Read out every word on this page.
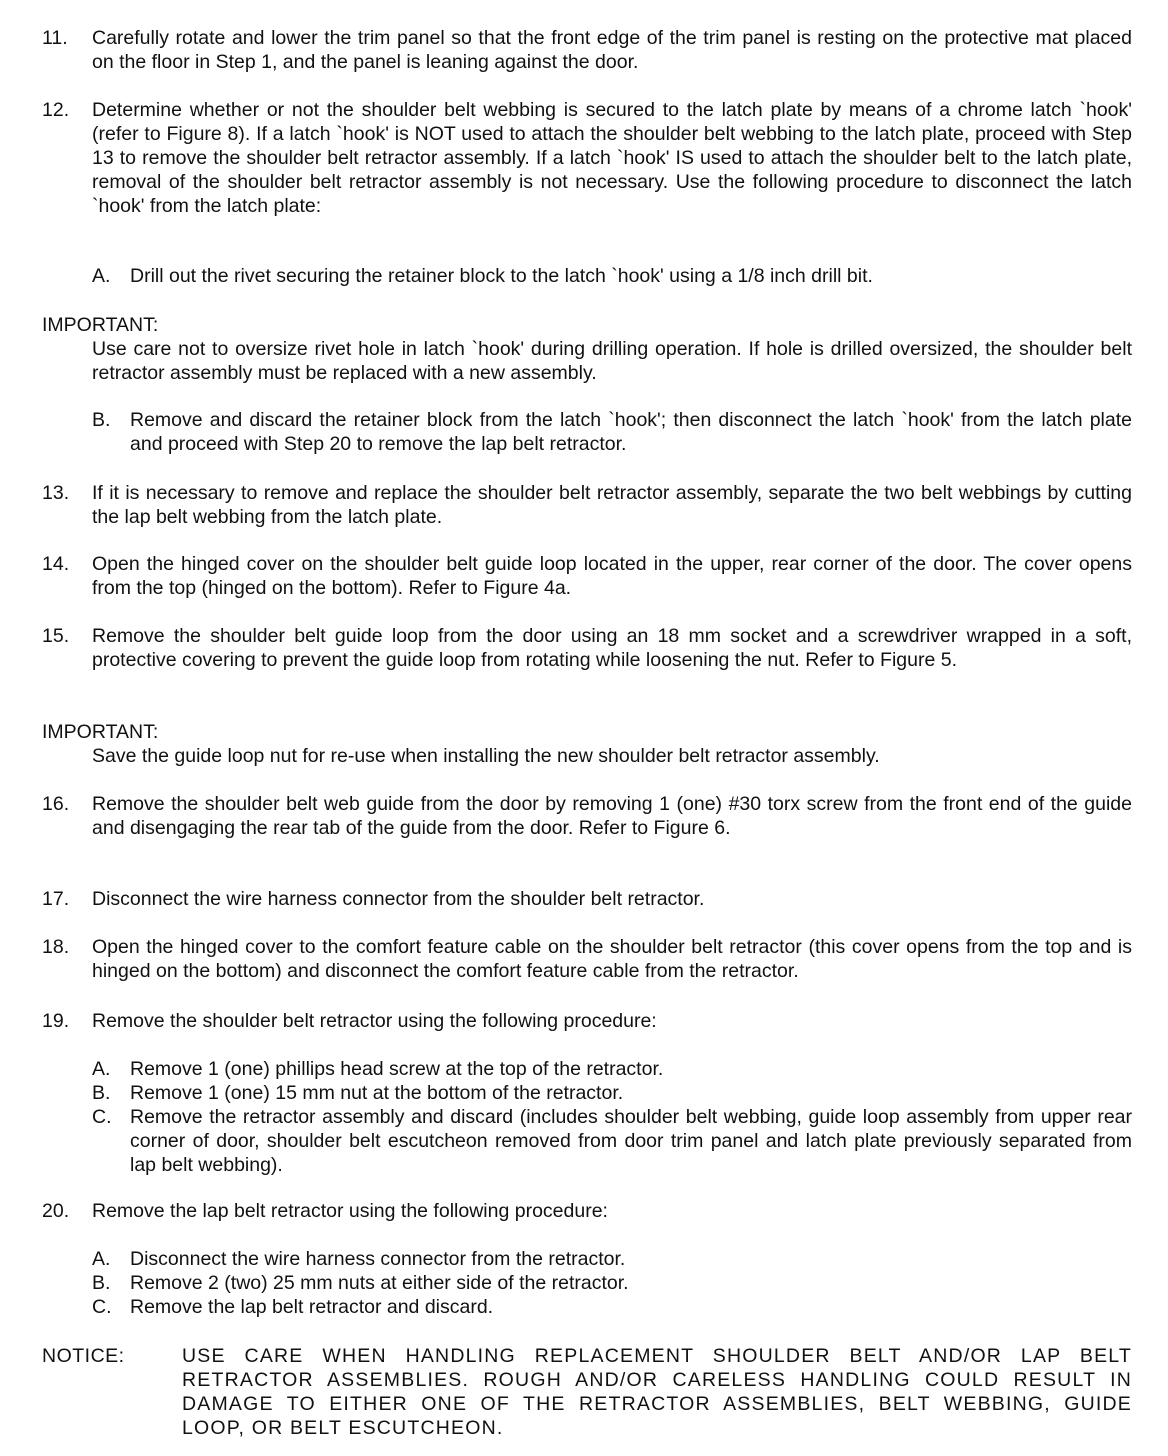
11.	Carefully rotate and lower the trim panel so that the front edge of the trim panel is resting on the protective mat placed on the floor in Step 1, and the panel is leaning against the door.
12.	Determine whether or not the shoulder belt webbing is secured to the latch plate by means of a chrome latch `hook' (refer to Figure 8). If a latch `hook' is NOT used to attach the shoulder belt webbing to the latch plate, proceed with Step 13 to remove the shoulder belt retractor assembly. If a latch `hook' IS used to attach the shoulder belt to the latch plate, removal of the shoulder belt retractor assembly is not necessary. Use the following procedure to disconnect the latch `hook' from the latch plate:
A.	Drill out the rivet securing the retainer block to the latch `hook' using a 1/8 inch drill bit.
IMPORTANT:
Use care not to oversize rivet hole in latch `hook' during drilling operation. If hole is drilled oversized, the shoulder belt retractor assembly must be replaced with a new assembly.
B.	Remove and discard the retainer block from the latch `hook'; then disconnect the latch `hook' from the latch plate and proceed with Step 20 to remove the lap belt retractor.
13.	If it is necessary to remove and replace the shoulder belt retractor assembly, separate the two belt webbings by cutting the lap belt webbing from the latch plate.
14.	Open the hinged cover on the shoulder belt guide loop located in the upper, rear corner of the door. The cover opens from the top (hinged on the bottom). Refer to Figure 4a.
15.	Remove the shoulder belt guide loop from the door using an 18 mm socket and a screwdriver wrapped in a soft, protective covering to prevent the guide loop from rotating while loosening the nut. Refer to Figure 5.
IMPORTANT:
Save the guide loop nut for re-use when installing the new shoulder belt retractor assembly.
16.	Remove the shoulder belt web guide from the door by removing 1 (one) #30 torx screw from the front end of the guide and disengaging the rear tab of the guide from the door. Refer to Figure 6.
17.	Disconnect the wire harness connector from the shoulder belt retractor.
18.	Open the hinged cover to the comfort feature cable on the shoulder belt retractor (this cover opens from the top and is hinged on the bottom) and disconnect the comfort feature cable from the retractor.
19.	Remove the shoulder belt retractor using the following procedure:
A.	Remove 1 (one) phillips head screw at the top of the retractor.
B.	Remove 1 (one) 15 mm nut at the bottom of the retractor.
C. Remove the retractor assembly and discard (includes shoulder belt webbing, guide loop assembly from upper rear corner of door, shoulder belt escutcheon removed from door trim panel and latch plate previously separated from lap belt webbing).
20.	Remove the lap belt retractor using the following procedure:
A.	Disconnect the wire harness connector from the retractor.
B.	Remove 2 (two) 25 mm nuts at either side of the retractor.
C. Remove the lap belt retractor and discard.
NOTICE:	USE CARE WHEN HANDLING REPLACEMENT SHOULDER BELT AND/OR LAP BELT RETRACTOR ASSEMBLIES. ROUGH AND/OR CARELESS HANDLING COULD RESULT IN DAMAGE TO EITHER ONE OF THE RETRACTOR ASSEMBLIES, BELT WEBBING, GUIDE LOOP, OR BELT ESCUTCHEON.
